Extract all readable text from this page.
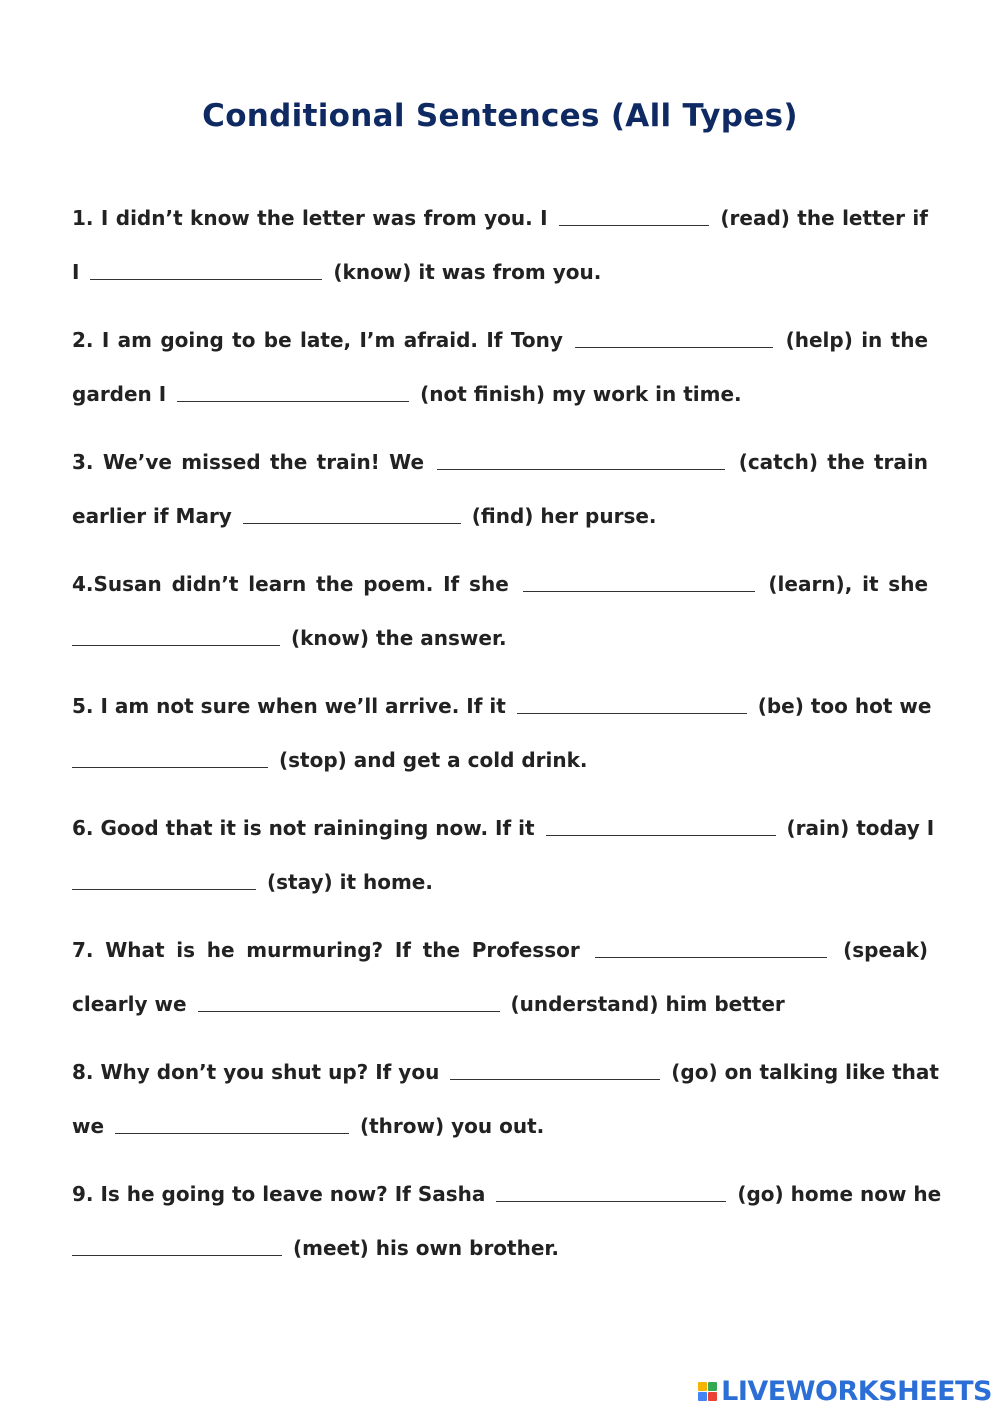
Conditional Sentences (All Types)
1. I didn’t know the letter was from you. I	(read) the letter if
I	(know) it was from you.
2. I am going to be late, I’m afraid. If Tony	(help) in the
garden I	(not finish) my work in time.
3. We’ve missed the train! We	(catch) the train
earlier if Mary	(find) her purse.
4.Susan didn’t learn the poem. If she	(learn), it she
(know) the answer.
5. I am not sure when we’ll arrive. If it	(be) too hot we
(stop) and get a cold drink.
6. Good that it is not raininging now. If it	(rain) today I
(stay) it home.
7. What is he murmuring? If the Professor	(speak)
clearly we	(understand) him better
8. Why don’t you shut up? If you	(go) on talking like that
we	(throw) you out.
9. Is he going to leave now? If Sasha	(go) home now he
(meet) his own brother.
LIVEWORKSHEETS
